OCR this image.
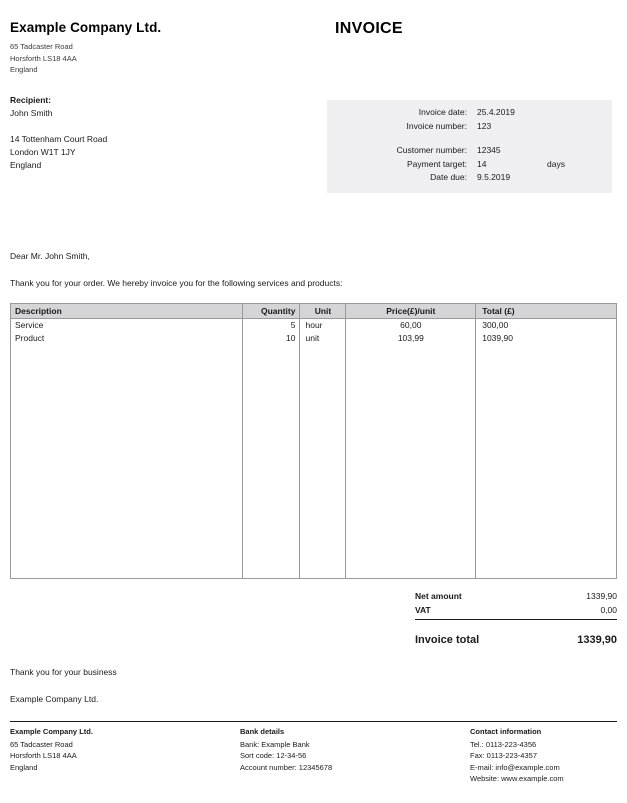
Example Company Ltd.
65 Tadcaster Road
Horsforth LS18 4AA
England
INVOICE
Recipient:
John Smith
14 Tottenham Court Road
London W1T 1JY
England
Invoice date:	25.4.2019
Invoice number:	123
Customer number:	12345
Payment target:	14	days
Date due:	9.5.2019
Dear Mr. John Smith,
Thank you for your order. We hereby invoice you for the following services and products:
Description	Quantity	Unit	Price(£)/unit	Total (£)
Service	5	hour	60,00	300,00
Product	10	unit	103,99	1039,90

Net amount	1339,90
VAT	0,00
Invoice total	1339,90
Thank you for your business
Example Company Ltd.
Example Company Ltd.
65 Tadcaster Road
Horsforth LS18 4AA
England
Bank details
Bank: Example Bank
Sort code: 12-34-56
Account number: 12345678
Contact information
Tel.: 0113-223-4356
Fax: 0113-223-4357
E-mail: info@example.com
Website: www.example.com
